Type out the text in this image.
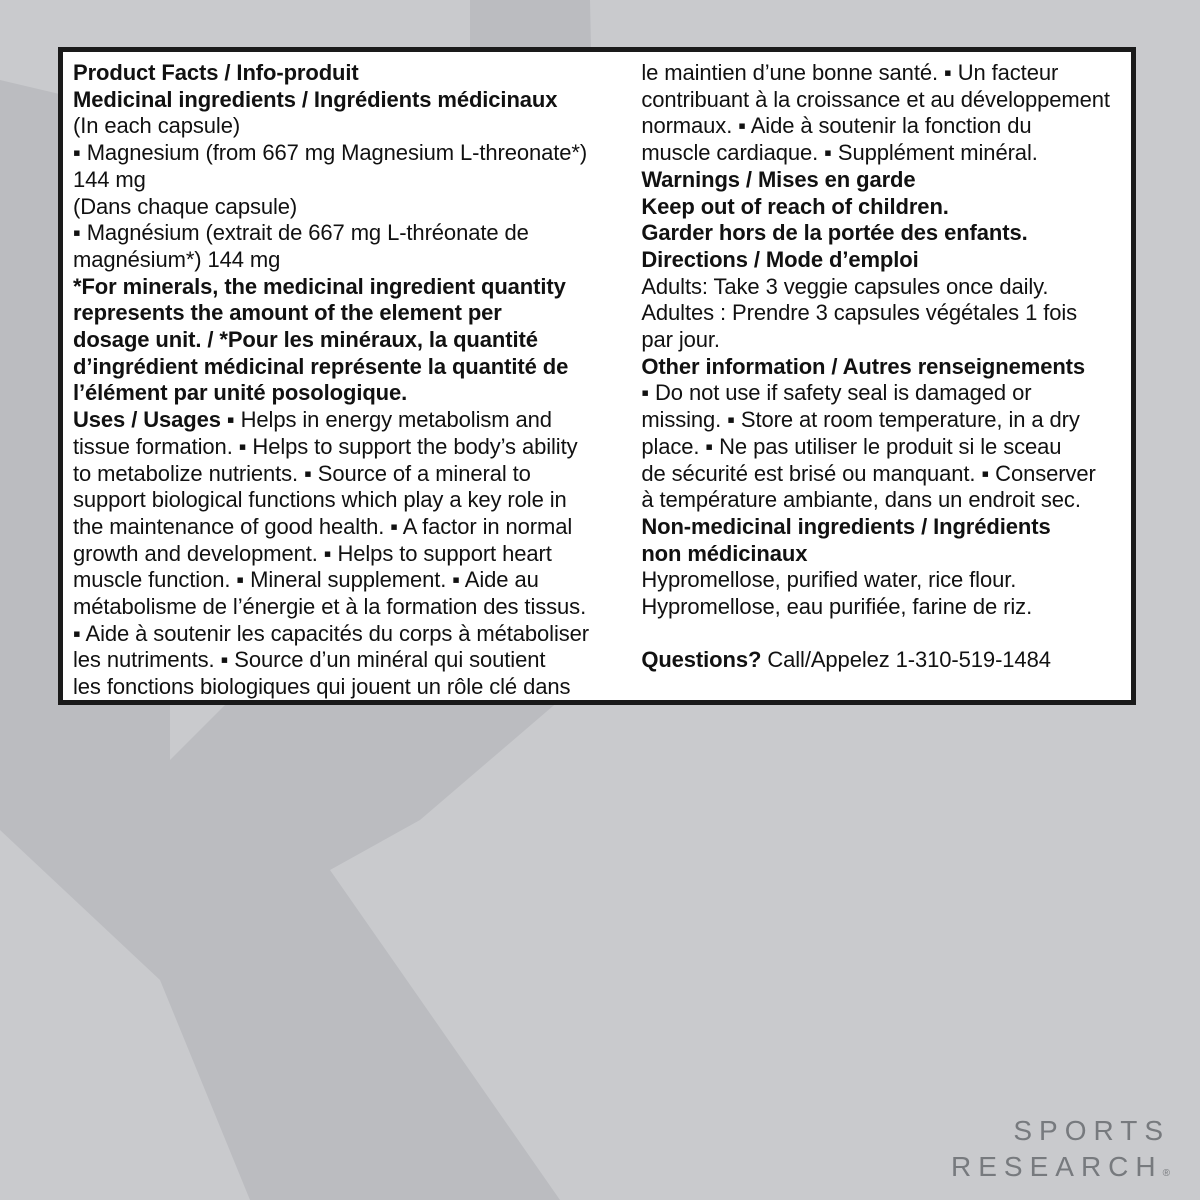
Product Facts / Info-produit
Medicinal ingredients / Ingrédients médicinaux
(In each capsule)
▪ Magnesium (from 667 mg Magnesium L-threonate*)
144 mg
(Dans chaque capsule)
▪ Magnésium (extrait de 667 mg L-thréonate de
magnésium*) 144 mg
*For minerals, the medicinal ingredient quantity
represents the amount of the element per
dosage unit. / *Pour les minéraux, la quantité
d’ingrédient médicinal représente la quantité de
l’élément par unité posologique.
Uses / Usages ▪ Helps in energy metabolism and
tissue formation. ▪ Helps to support the body’s ability
to metabolize nutrients. ▪ Source of a mineral to
support biological functions which play a key role in
the maintenance of good health. ▪ A factor in normal
growth and development. ▪ Helps to support heart
muscle function. ▪ Mineral supplement. ▪ Aide au
métabolisme de l’énergie et à la formation des tissus.
▪ Aide à soutenir les capacités du corps à métaboliser
les nutriments. ▪ Source d’un minéral qui soutient
les fonctions biologiques qui jouent un rôle clé dans
le maintien d’une bonne santé. ▪ Un facteur
contribuant à la croissance et au développement
normaux. ▪ Aide à soutenir la fonction du
muscle cardiaque. ▪ Supplément minéral.
Warnings / Mises en garde
Keep out of reach of children.
Garder hors de la portée des enfants.
Directions / Mode d’emploi
Adults: Take 3 veggie capsules once daily.
Adultes : Prendre 3 capsules végétales 1 fois
par jour.
Other information / Autres renseignements
▪ Do not use if safety seal is damaged or
missing. ▪ Store at room temperature, in a dry
place. ▪ Ne pas utiliser le produit si le sceau
de sécurité est brisé ou manquant. ▪ Conserver
à température ambiante, dans un endroit sec.
Non-medicinal ingredients / Ingrédients
non médicinaux
Hypromellose, purified water, rice flour.
Hypromellose, eau purifiée, farine de riz.
Questions? Call/Appelez 1-310-519-1484
SPORTS
RESEARCH®
